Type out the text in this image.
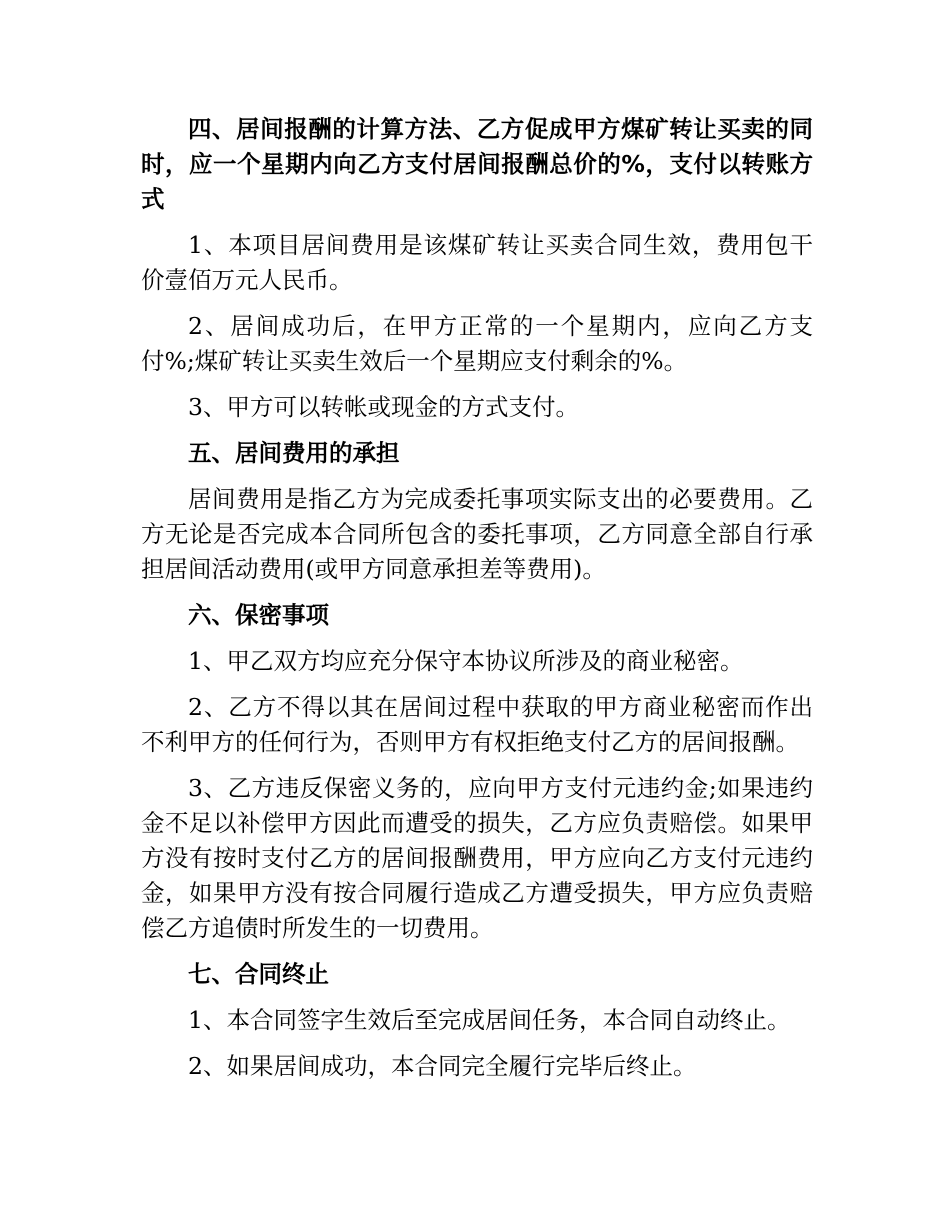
四、居间报酬的计算方法、乙方促成甲方煤矿转让买卖的同时，应一个星期内向乙方支付居间报酬总价的%，支付以转账方式

1、本项目居间费用是该煤矿转让买卖合同生效，费用包干价壹佰万元人民币。

2、居间成功后，在甲方正常的一个星期内，应向乙方支付%;煤矿转让买卖生效后一个星期应支付剩余的%。

3、甲方可以转帐或现金的方式支付。

五、居间费用的承担

居间费用是指乙方为完成委托事项实际支出的必要费用。乙方无论是否完成本合同所包含的委托事项，乙方同意全部自行承担居间活动费用(或甲方同意承担差等费用)。

六、保密事项

1、甲乙双方均应充分保守本协议所涉及的商业秘密。

2、乙方不得以其在居间过程中获取的甲方商业秘密而作出不利甲方的任何行为，否则甲方有权拒绝支付乙方的居间报酬。

3、乙方违反保密义务的，应向甲方支付元违约金;如果违约金不足以补偿甲方因此而遭受的损失，乙方应负责赔偿。如果甲方没有按时支付乙方的居间报酬费用，甲方应向乙方支付元违约金，如果甲方没有按合同履行造成乙方遭受损失，甲方应负责赔偿乙方追债时所发生的一切费用。

七、合同终止

1、本合同签字生效后至完成居间任务，本合同自动终止。

2、如果居间成功，本合同完全履行完毕后终止。
